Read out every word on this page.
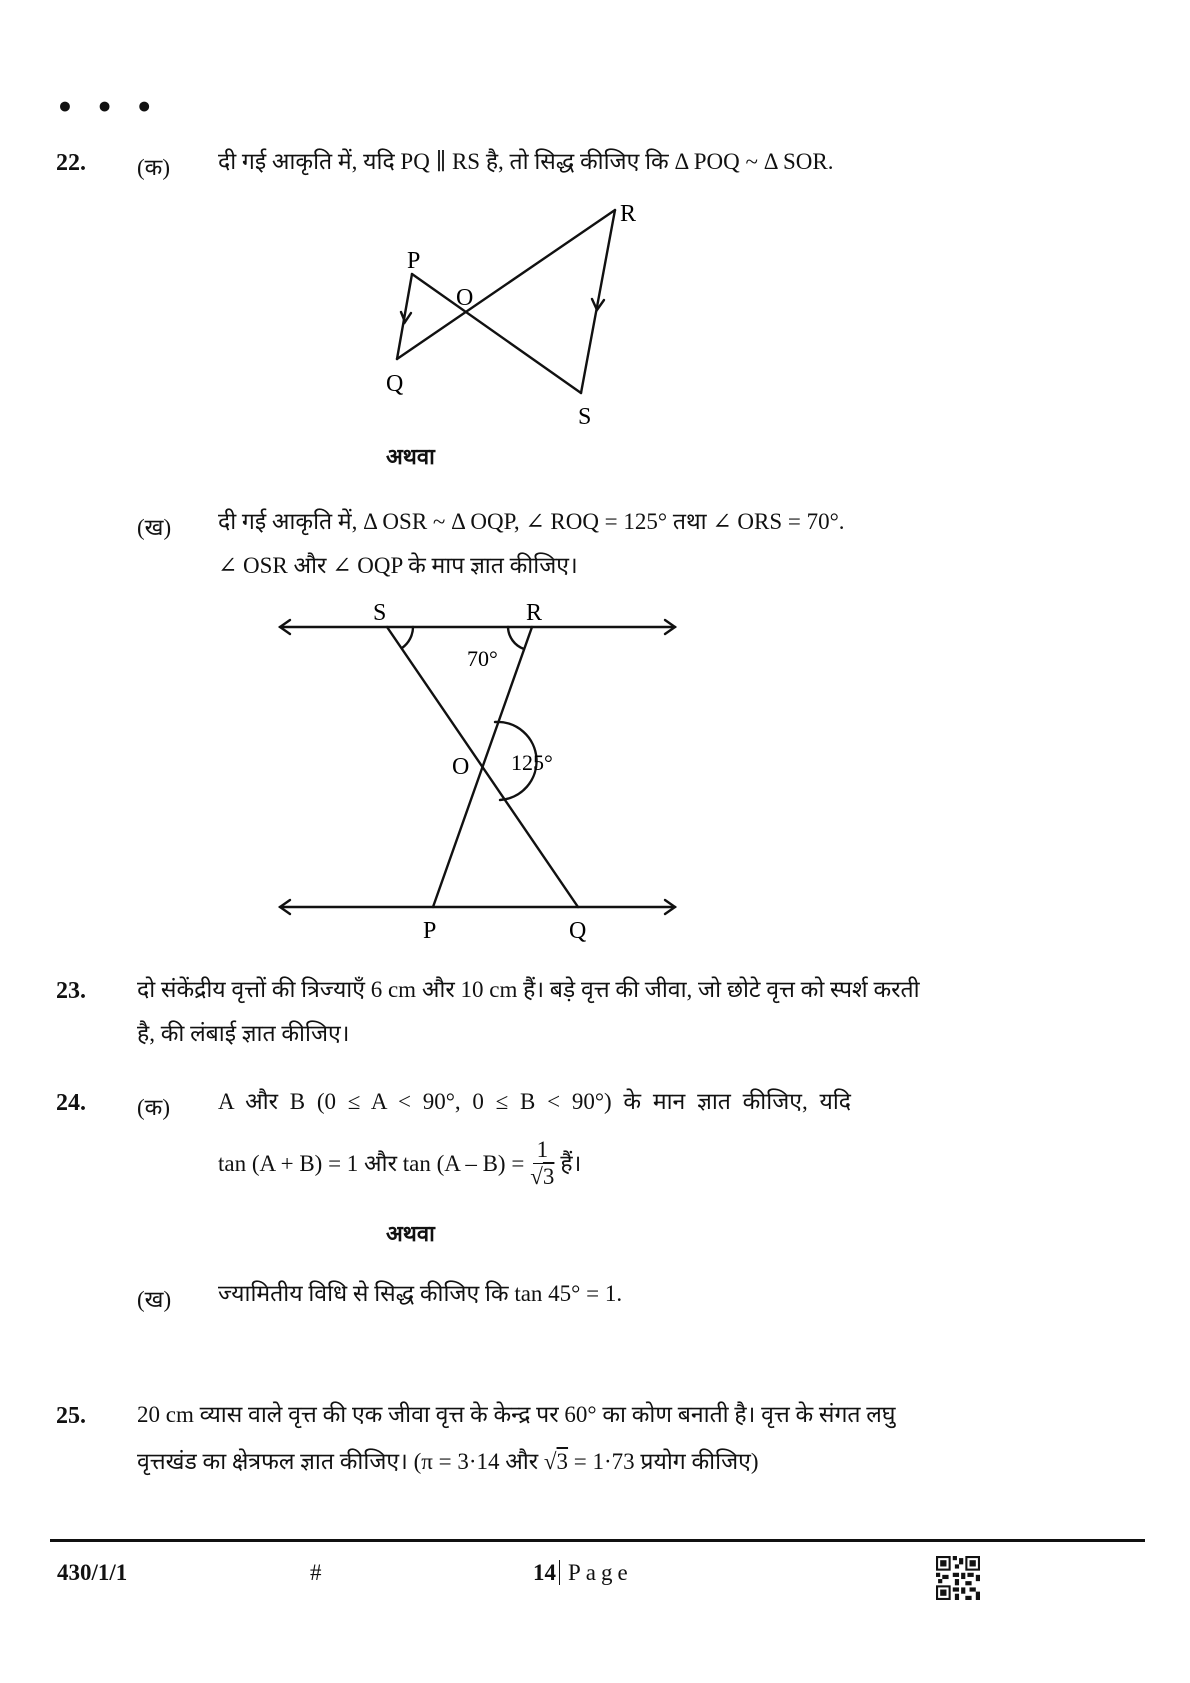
• • •
22. (क) दी गई आकृति में, यदि PQ ∥ RS है, तो सिद्ध कीजिए कि Δ POQ ~ Δ SOR.
P
R
O
Q
S
अथवा
(ख) दी गई आकृति में, Δ OSR ~ Δ OQP, ∠ ROQ = 125° तथा ∠ ORS = 70°.
∠ OSR और ∠ OQP के माप ज्ञात कीजिए।
S	R
70°
O 125°
P	Q
23. दो संकेंद्रीय वृत्तों की त्रिज्याएँ 6 cm और 10 cm हैं। बड़े वृत्त की जीवा, जो छोटे वृत्त को स्पर्श करती
है, की लंबाई ज्ञात कीजिए।
24. (क) A और B (0 ≤ A < 90°, 0 ≤ B < 90°) के मान ज्ञात कीजिए, यदि
tan (A + B) = 1 और $\tan (A - B) = \frac{1}{√3}$ हैं।
अथवा
(ख) ज्यामितीय विधि से सिद्ध कीजिए कि tan 45° = 1.
25. 20 cm व्यास वाले वृत्त की एक जीवा वृत्त के केन्द्र पर 60° का कोण बनाती है। वृत्त के संगत लघु
वृत्तखंड का क्षेत्रफल ज्ञात कीजिए। (π = 3·14 और √3 = 1·73 प्रयोग कीजिए)
430/1/1	#	14 Page
